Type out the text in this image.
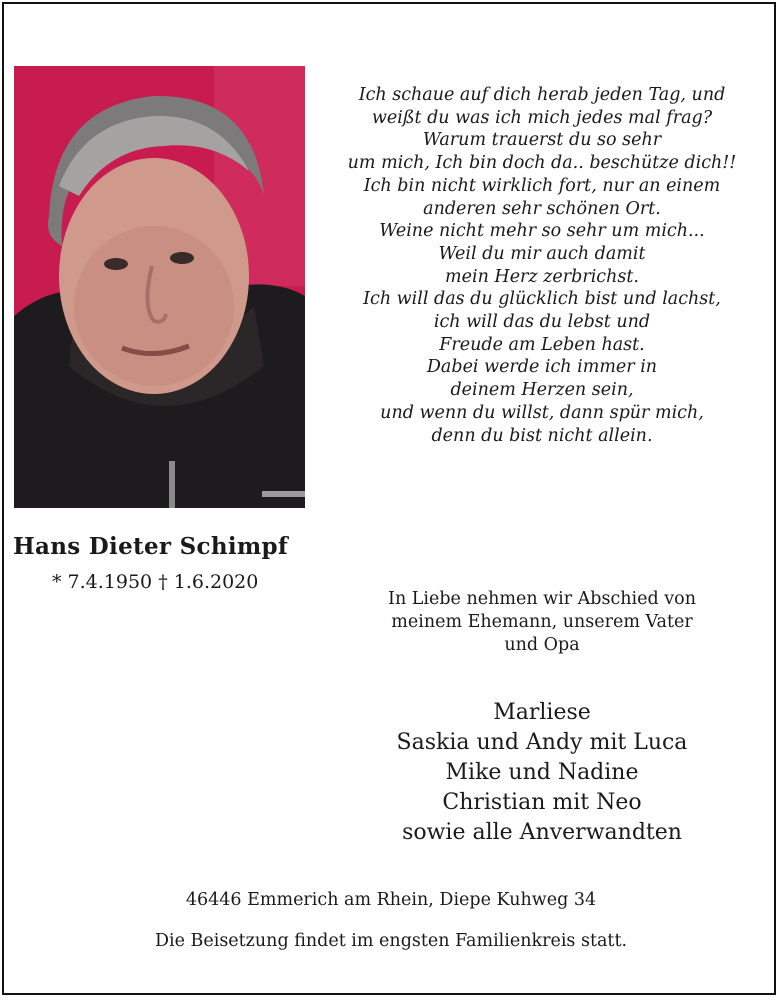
Ich schaue auf dich herab jeden Tag, und
weißt du was ich mich jedes mal frag?
Warum trauerst du so sehr
um mich, Ich bin doch da.. beschütze dich!!
Ich bin nicht wirklich fort, nur an einem
anderen sehr schönen Ort.
Weine nicht mehr so sehr um mich...
Weil du mir auch damit
mein Herz zerbrichst.
Ich will das du glücklich bist und lachst,
ich will das du lebst und
Freude am Leben hast.
Dabei werde ich immer in
deinem Herzen sein,
und wenn du willst, dann spür mich,
denn du bist nicht allein.
Hans Dieter Schimpf
* 7.4.1950 † 1.6.2020
In Liebe nehmen wir Abschied von
meinem Ehemann, unserem Vater
und Opa
Marliese
Saskia und Andy mit Luca
Mike und Nadine
Christian mit Neo
sowie alle Anverwandten
46446 Emmerich am Rhein, Diepe Kuhweg 34
Die Beisetzung findet im engsten Familienkreis statt.
